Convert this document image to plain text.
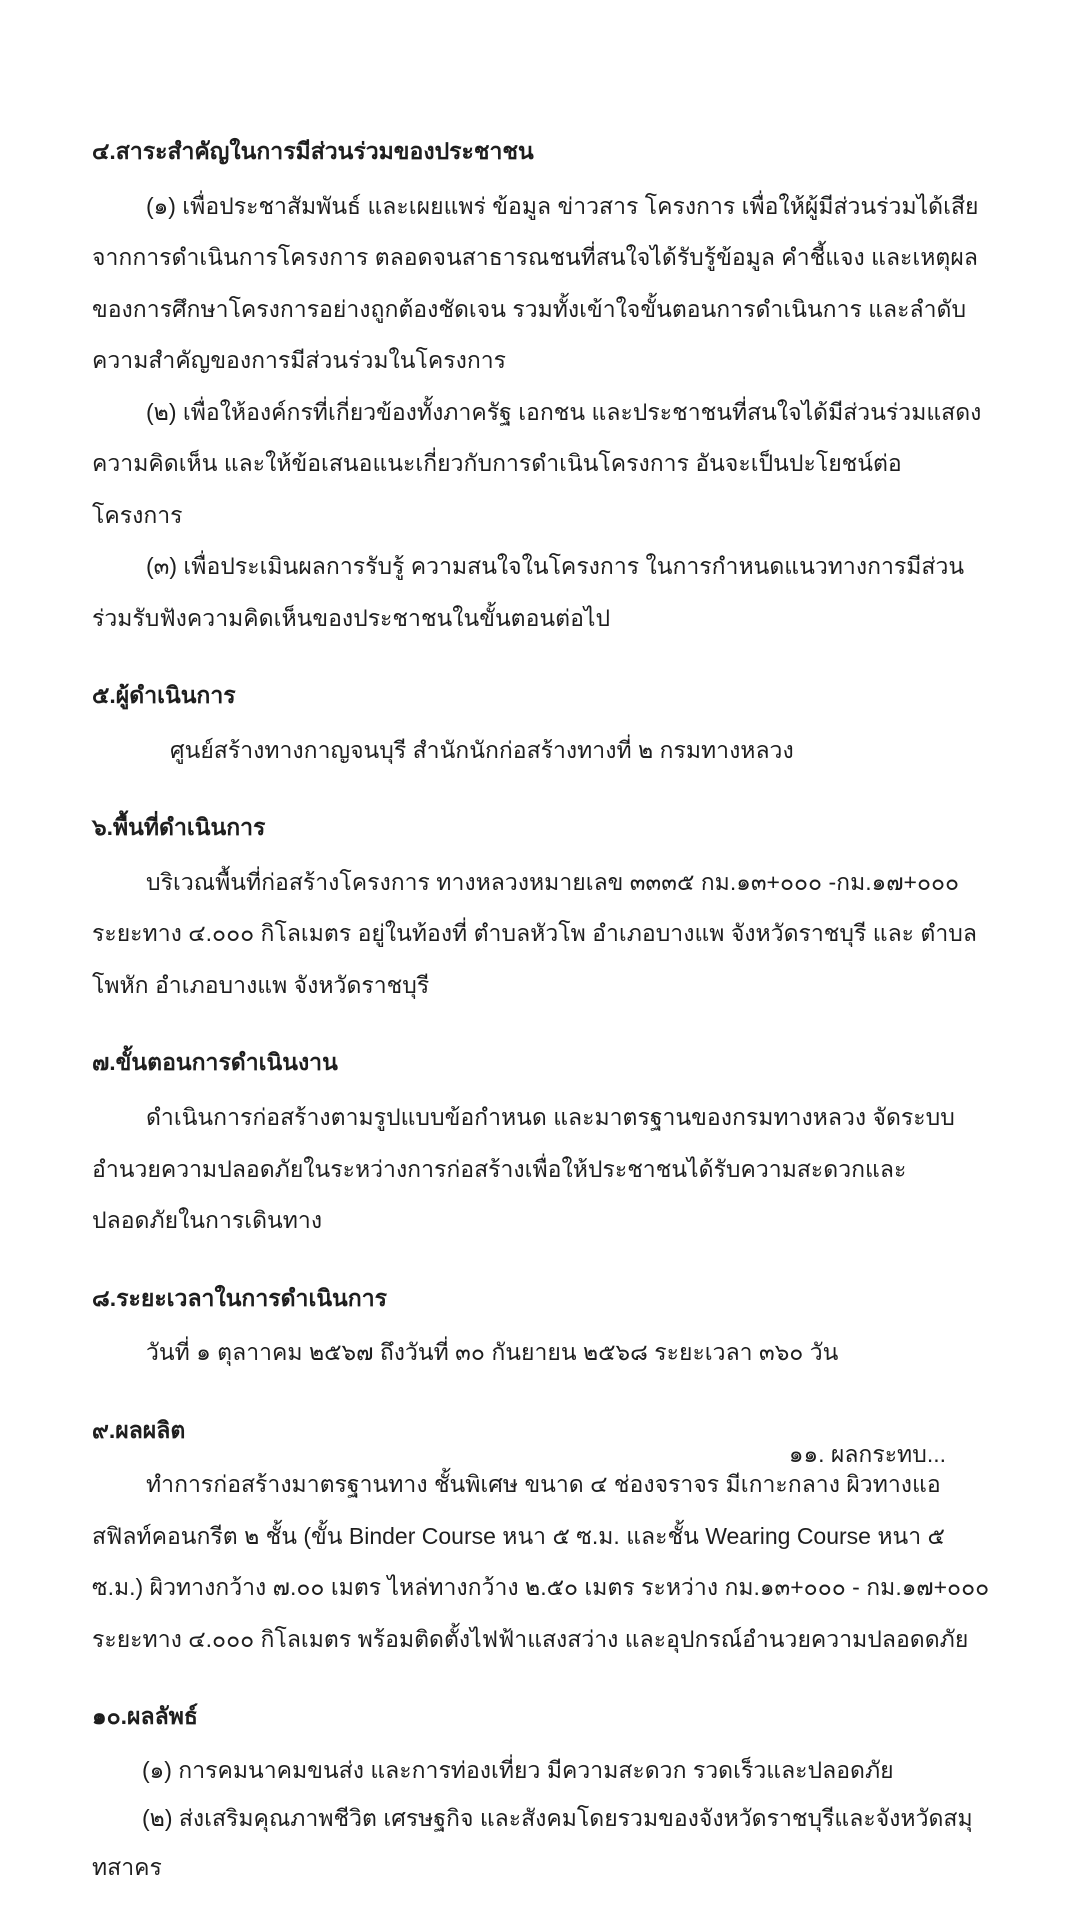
๔.สาระสำคัญในการมีส่วนร่วมของประชาชน

(๑) เพื่อประชาสัมพันธ์ และเผยแพร่ ข้อมูล ข่าวสาร โครงการ เพื่อให้ผู้มีส่วนร่วมได้เสียจากการดำเนินการโครงการ ตลอดจนสาธารณชนที่สนใจได้รับรู้ข้อมูล คำชี้แจง และเหตุผลของการศึกษาโครงการอย่างถูกต้องชัดเจน รวมทั้งเข้าใจขั้นตอนการดำเนินการ และลำดับความสำคัญของการมีส่วนร่วมในโครงการ

(๒) เพื่อให้องค์กรที่เกี่ยวข้องทั้งภาครัฐ เอกชน และประชาชนที่สนใจได้มีส่วนร่วมแสดงความคิดเห็น และให้ข้อเสนอแนะเกี่ยวกับการดำเนินโครงการ อันจะเป็นปะโยชน์ต่อโครงการ

(๓) เพื่อประเมินผลการรับรู้ ความสนใจในโครงการ ในการกำหนดแนวทางการมีส่วนร่วมรับฟังความคิดเห็นของประชาชนในขั้นตอนต่อไป

๕.ผู้ดำเนินการ

ศูนย์สร้างทางกาญจนบุรี สำนักนักก่อสร้างทางที่ ๒ กรมทางหลวง

๖.พื้นที่ดำเนินการ

บริเวณพื้นที่ก่อสร้างโครงการ ทางหลวงหมายเลข ๓๓๓๕ กม.๑๓+๐๐๐ -กม.๑๗+๐๐๐ ระยะทาง ๔.๐๐๐ กิโลเมตร อยู่ในท้องที่ ตำบลหัวโพ อำเภอบางแพ จังหวัดราชบุรี และ ตำบลโพหัก อำเภอบางแพ จังหวัดราชบุรี

๗.ขั้นตอนการดำเนินงาน

ดำเนินการก่อสร้างตามรูปแบบข้อกำหนด และมาตรฐานของกรมทางหลวง จัดระบบอำนวยความปลอดภัยในระหว่างการก่อสร้างเพื่อให้ประชาชนได้รับความสะดวกและปลอดภัยในการเดินทาง

๘.ระยะเวลาในการดำเนินการ

วันที่ ๑ ตุลาาคม ๒๕๖๗ ถึงวันที่ ๓๐ กันยายน ๒๕๖๘ ระยะเวลา ๓๖๐ วัน

๙.ผลผลิต

ทำการก่อสร้างมาตรฐานทาง ชั้นพิเศษ ขนาด ๔ ช่องจราจร มีเกาะกลาง ผิวทางแอสฟิลท์คอนกรีต ๒ ชั้น (ขั้น Binder Course หนา ๕ ซ.ม. และชั้น Wearing Course หนา ๕ ซ.ม.) ผิวทางกว้าง ๗.๐๐ เมตร ไหล่ทางกว้าง ๒.๕๐ เมตร ระหว่าง กม.๑๓+๐๐๐ - กม.๑๗+๐๐๐ ระยะทาง ๔.๐๐๐ กิโลเมตร พร้อมติดตั้งไฟฟ้าแสงสว่าง และอุปกรณ์อำนวยความปลอดดภัย

๑๐.ผลลัพธ์

(๑) การคมนาคมขนส่ง และการท่องเที่ยว มีความสะดวก รวดเร็วและปลอดภัย

(๒) ส่งเสริมคุณภาพชีวิต เศรษฐกิจ และสังคมโดยรวมของจังหวัดราชบุรีและจังหวัดสมุทสาคร

๑๑. ผลกระทบ...
